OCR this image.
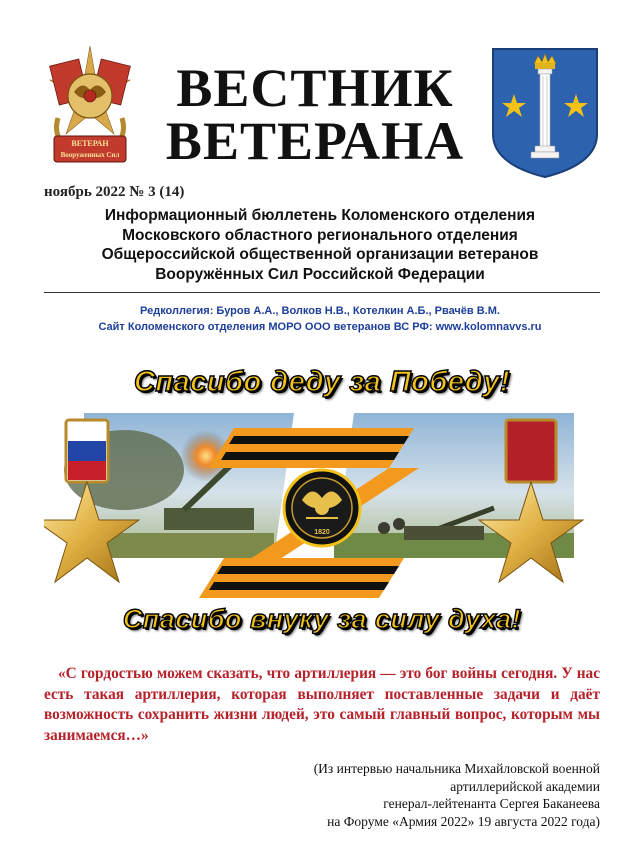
ВЕТЕРАН
Вооруженных Сил
ВЕСТНИК
ВЕТЕРАНА
ноябрь 2022 № 3 (14)
Информационный бюллетень Коломенского отделения
Московского областного регионального отделения
Общероссийской общественной организации ветеранов
Вооружённых Сил Российской Федерации
Редколлегия: Буров А.А., Волков Н.В., Котелкин А.Б., Рвачёв В.М.
Сайт Коломенского отделения МОРО ООО ветеранов ВС РФ: www.kolomnavvs.ru
1820
Спасибо деду за Победу!
Спасибо внуку за силу духа!
«С гордостью можем сказать, что артиллерия — это бог войны сегодня. У нас есть такая артиллерия, которая выполняет поставленные задачи и даёт возможность сохранить жизни людей, это самый главный вопрос, которым мы занимаемся…»
(Из интервью начальника Михайловской военной
артиллерийской академии
генерал-лейтенанта Сергея Баканеева
на Форуме «Армия 2022» 19 августа 2022 года)
